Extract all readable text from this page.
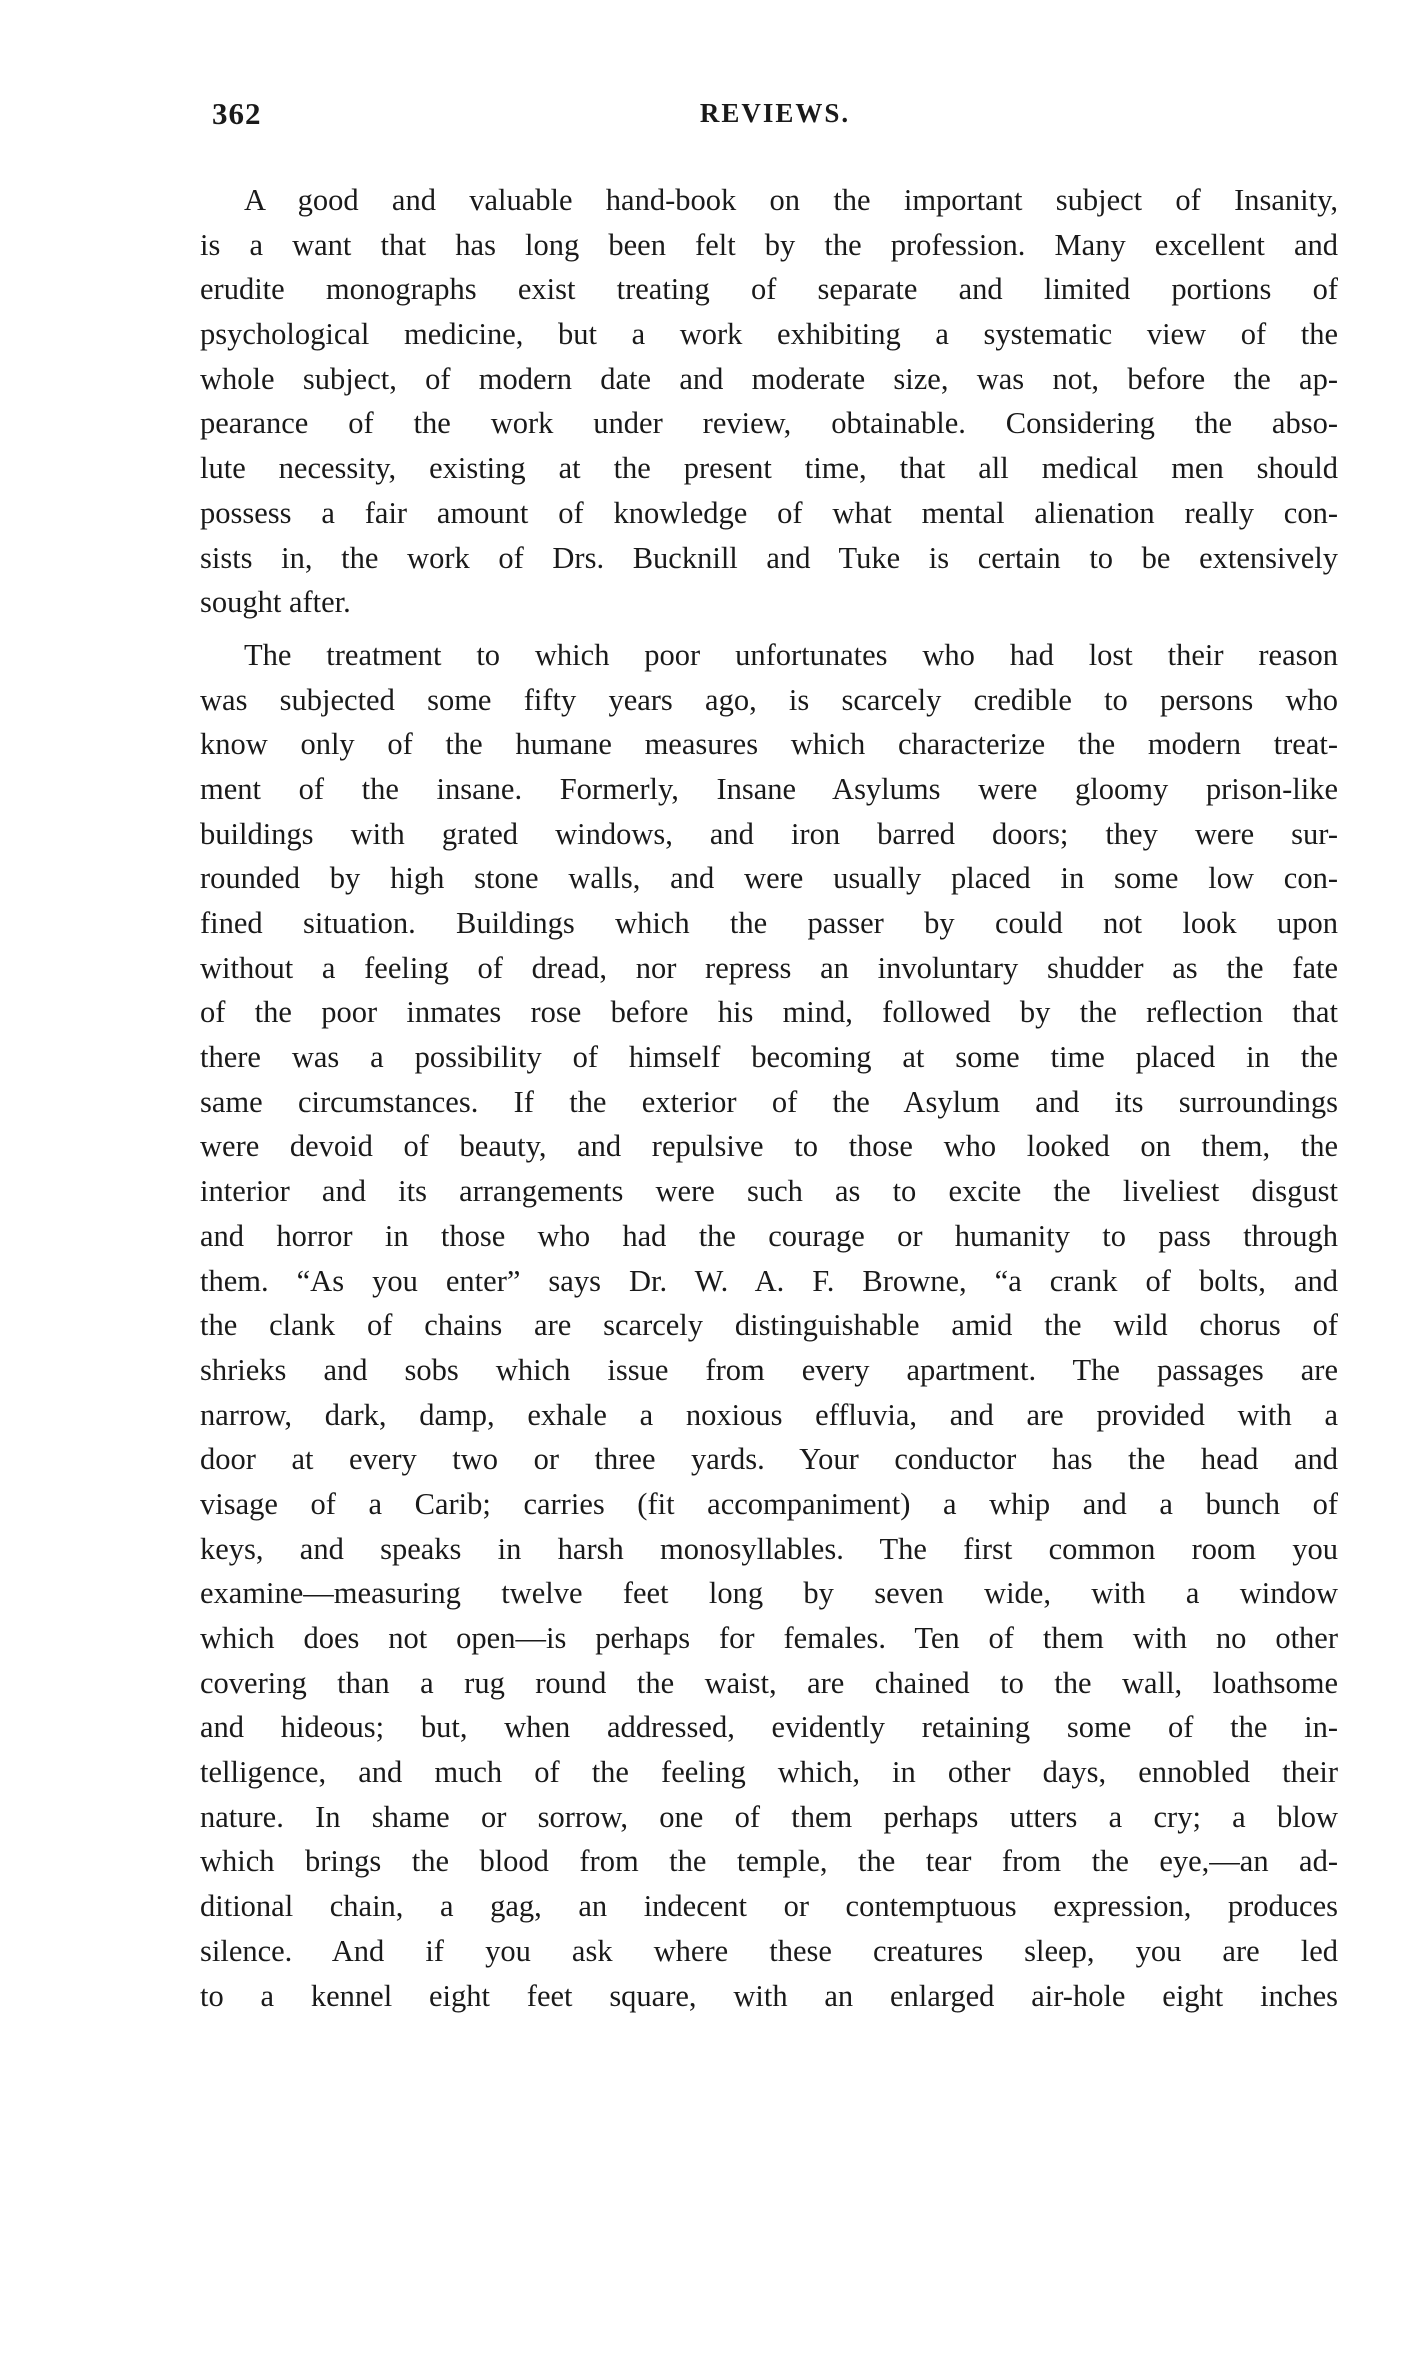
362	REVIEWS.
A good and valuable hand-book on the important subject of Insanity,
is a want that has long been felt by the profession. Many excellent and
erudite monographs exist treating of separate and limited portions of
psychological medicine, but a work exhibiting a systematic view of the
whole subject, of modern date and moderate size, was not, before the ap-
pearance of the work under review, obtainable. Considering the abso-
lute necessity, existing at the present time, that all medical men should
possess a fair amount of knowledge of what mental alienation really con-
sists in, the work of Drs. Bucknill and Tuke is certain to be extensively
sought after.
The treatment to which poor unfortunates who had lost their reason
was subjected some fifty years ago, is scarcely credible to persons who
know only of the humane measures which characterize the modern treat-
ment of the insane. Formerly, Insane Asylums were gloomy prison-like
buildings with grated windows, and iron barred doors; they were sur-
rounded by high stone walls, and were usually placed in some low con-
fined situation. Buildings which the passer by could not look upon
without a feeling of dread, nor repress an involuntary shudder as the fate
of the poor inmates rose before his mind, followed by the reflection that
there was a possibility of himself becoming at some time placed in the
same circumstances. If the exterior of the Asylum and its surroundings
were devoid of beauty, and repulsive to those who looked on them, the
interior and its arrangements were such as to excite the liveliest disgust
and horror in those who had the courage or humanity to pass through
them. “As you enter” says Dr. W. A. F. Browne, “a crank of bolts, and
the clank of chains are scarcely distinguishable amid the wild chorus of
shrieks and sobs which issue from every apartment. The passages are
narrow, dark, damp, exhale a noxious effluvia, and are provided with a
door at every two or three yards. Your conductor has the head and
visage of a Carib; carries (fit accompaniment) a whip and a bunch of
keys, and speaks in harsh monosyllables. The first common room you
examine—measuring twelve feet long by seven wide, with a window
which does not open—is perhaps for females. Ten of them with no other
covering than a rug round the waist, are chained to the wall, loathsome
and hideous; but, when addressed, evidently retaining some of the in-
telligence, and much of the feeling which, in other days, ennobled their
nature. In shame or sorrow, one of them perhaps utters a cry; a blow
which brings the blood from the temple, the tear from the eye,—an ad-
ditional chain, a gag, an indecent or contemptuous expression, produces
silence. And if you ask where these creatures sleep, you are led
to a kennel eight feet square, with an enlarged air-hole eight inches
